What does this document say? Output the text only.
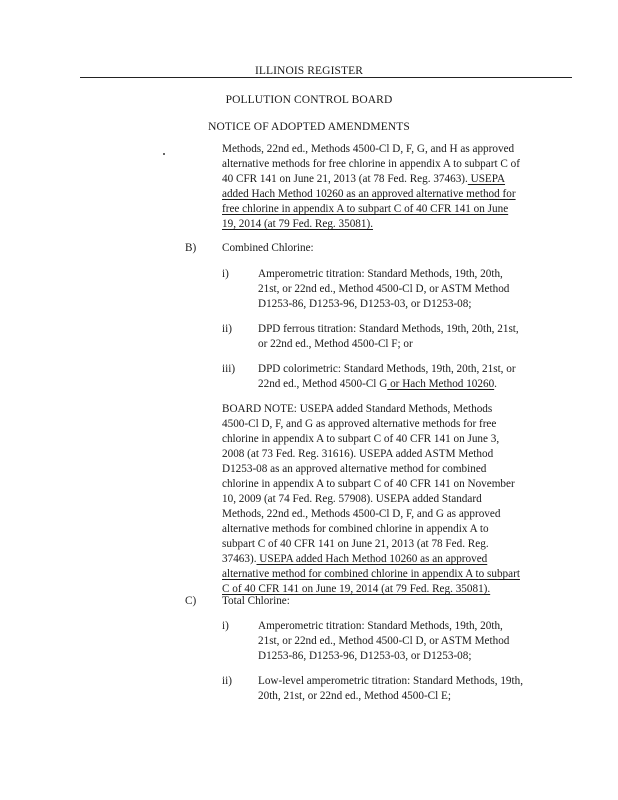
ILLINOIS REGISTER
POLLUTION CONTROL BOARD
NOTICE OF ADOPTED AMENDMENTS
Methods, 22nd ed., Methods 4500-Cl D, F, G, and H as approved
alternative methods for free chlorine in appendix A to subpart C of
40 CFR 141 on June 21, 2013 (at 78 Fed. Reg. 37463). USEPA
added Hach Method 10260 as an approved alternative method for
free chlorine in appendix A to subpart C of 40 CFR 141 on June
19, 2014 (at 79 Fed. Reg. 35081).
B) Combined Chlorine:
i)	Amperometric titration: Standard Methods, 19th, 20th,
21st, or 22nd ed., Method 4500-Cl D, or ASTM Method
D1253-86, D1253-96, D1253-03, or D1253-08;
ii) DPD ferrous titration: Standard Methods, 19th, 20th, 21st,
or 22nd ed., Method 4500-Cl F; or
iii) DPD colorimetric: Standard Methods, 19th, 20th, 21st, or
22nd ed., Method 4500-Cl G or Hach Method 10260.
BOARD NOTE: USEPA added Standard Methods, Methods
4500-Cl D, F, and G as approved alternative methods for free
chlorine in appendix A to subpart C of 40 CFR 141 on June 3,
2008 (at 73 Fed. Reg. 31616). USEPA added ASTM Method
D1253-08 as an approved alternative method for combined
chlorine in appendix A to subpart C of 40 CFR 141 on November
10, 2009 (at 74 Fed. Reg. 57908). USEPA added Standard
Methods, 22nd ed., Methods 4500-Cl D, F, and G as approved
alternative methods for combined chlorine in appendix A to
subpart C of 40 CFR 141 on June 21, 2013 (at 78 Fed. Reg.
37463). USEPA added Hach Method 10260 as an approved
alternative method for combined chlorine in appendix A to subpart
C of 40 CFR 141 on June 19, 2014 (at 79 Fed. Reg. 35081).
C) Total Chlorine:
i)	Amperometric titration: Standard Methods, 19th, 20th,
21st, or 22nd ed., Method 4500-Cl D, or ASTM Method
D1253-86, D1253-96, D1253-03, or D1253-08;
ii) Low-level amperometric titration: Standard Methods, 19th,
20th, 21st, or 22nd ed., Method 4500-Cl E;
